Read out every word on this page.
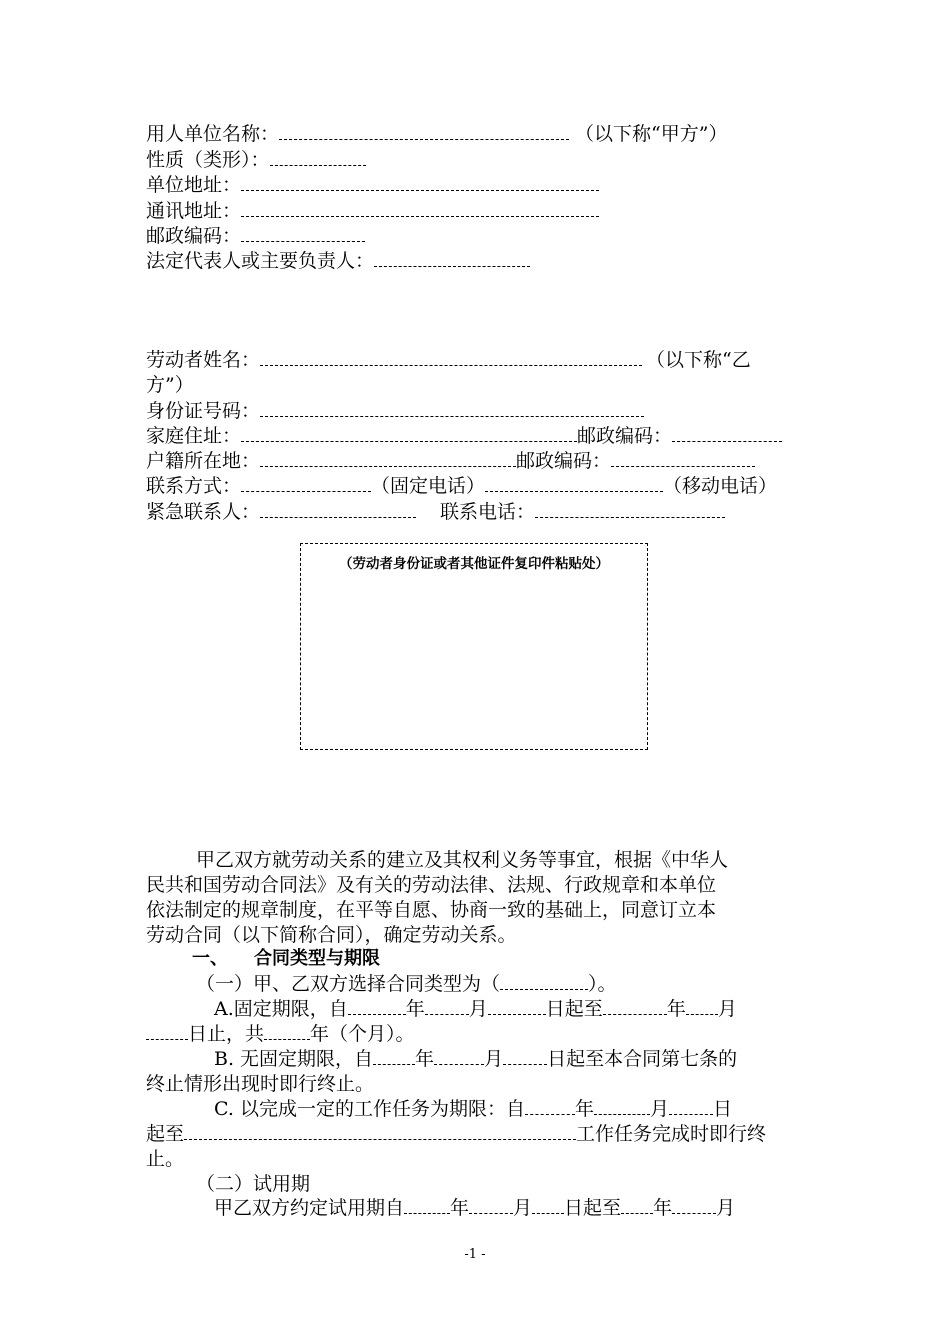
用人单位名称：	（以下称“甲方”）
性质（类形）：
单位地址：
通讯地址：
邮政编码：
法定代表人或主要负责人：
劳动者姓名：	（以下称“乙
方”）
身份证号码：
家庭住址：	邮政编码：
户籍所在地：	邮政编码：
联系方式：	（固定电话）	（移动电话）
紧急联系人：	联系电话：
（劳动者身份证或者其他证件复印件粘贴处）
甲乙双方就劳动关系的建立及其权利义务等事宜，根据《中华人
民共和国劳动合同法》及有关的劳动法律、法规、行政规章和本单位
依法制定的规章制度，在平等自愿、协商一致的基础上，同意订立本
劳动合同（以下简称合同），确定劳动关系。
一、 合同类型与期限
（一）甲、乙双方选择合同类型为（	）。
A.固定期限，自	年 月	日起至	年 月
日止，共 年（个月）。
B. 无固定期限，自 年	月 日起至本合同第七条的
终止情形出现时即行终止。
C. 以完成一定的工作任务为期限：自	年	月 日
起至	工作任务完成时即行终
止。
（二）试用期
甲乙双方约定试用期自 年 月 日起至 年 月
-1 -
